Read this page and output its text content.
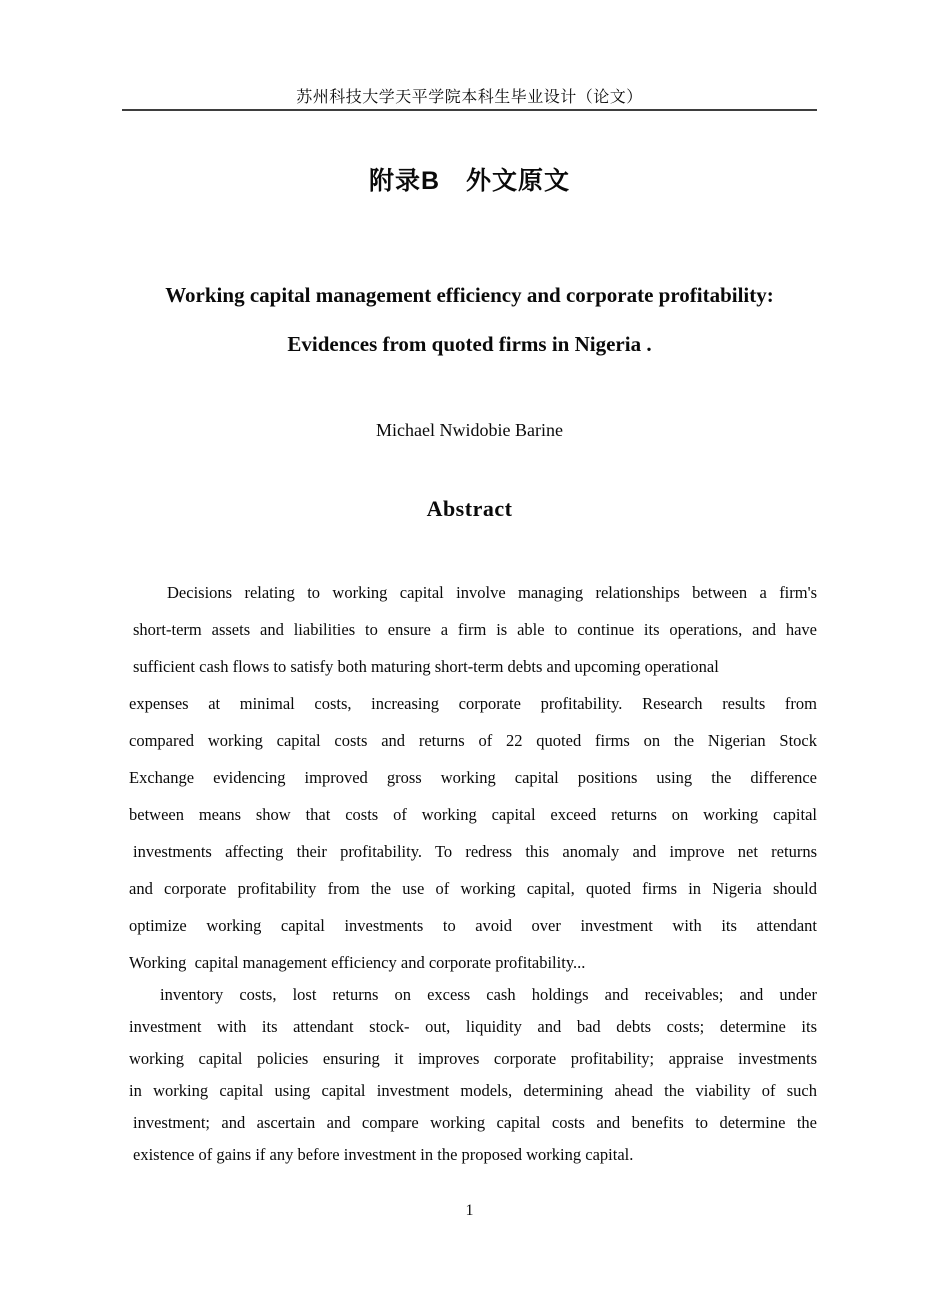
苏州科技大学天平学院本科生毕业设计（论文）
附录B　外文原文
Working capital management efficiency and corporate profitability:
Evidences from quoted firms in Nigeria .
Michael Nwidobie Barine
Abstract
Decisions relating to working capital involve managing relationships between a firm's
short-term assets and liabilities to ensure a firm is able to continue its operations, and have
sufficient cash flows to satisfy both maturing short-term debts and upcoming operational
expenses at minimal costs, increasing corporate profitability. Research results from
compared working capital costs and returns of 22 quoted firms on the Nigerian Stock
Exchange evidencing improved gross working capital positions using the difference
between means show that costs of working capital exceed returns on working capital
investments affecting their profitability. To redress this anomaly and improve net returns
and corporate profitability from the use of working capital, quoted firms in Nigeria should
optimize working capital investments to avoid over investment with its attendant
Working  capital management efficiency and corporate profitability...
inventory costs, lost returns on excess cash holdings and receivables; and under
investment with its attendant stock- out, liquidity and bad debts costs; determine its
working capital policies ensuring it improves corporate profitability; appraise investments
in working capital using capital investment models, determining ahead the viability of such
investment; and ascertain and compare working capital costs and benefits to determine the
existence of gains if any before investment in the proposed working capital.
1
